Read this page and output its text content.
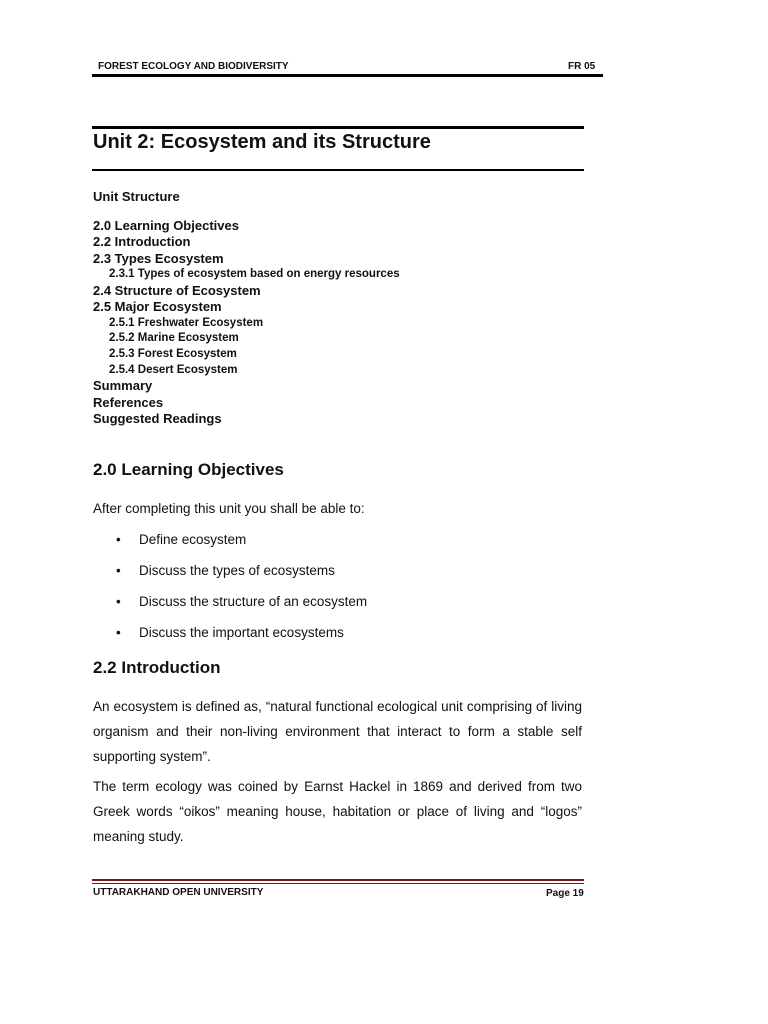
FOREST ECOLOGY AND BIODIVERSITY	FR 05
Unit 2: Ecosystem and its Structure
Unit Structure
2.0 Learning Objectives
2.2 Introduction
2.3 Types Ecosystem
2.3.1 Types of ecosystem based on energy resources
2.4 Structure of Ecosystem
2.5 Major Ecosystem
2.5.1 Freshwater Ecosystem
2.5.2 Marine Ecosystem
2.5.3 Forest Ecosystem
2.5.4 Desert Ecosystem
Summary
References
Suggested Readings
2.0 Learning Objectives
After completing this unit you shall be able to:
• Define ecosystem
• Discuss the types of ecosystems
• Discuss the structure of an ecosystem
• Discuss the important ecosystems
2.2 Introduction

An ecosystem is defined as, “natural functional ecological unit comprising of living organism and their non-living environment that interact to form a stable self supporting system”.

The term ecology was coined by Earnst Hackel in 1869 and derived from two Greek words “oikos” meaning house, habitation or place of living and “logos” meaning study.

UTTARAKHAND OPEN UNIVERSITY	Page 19
